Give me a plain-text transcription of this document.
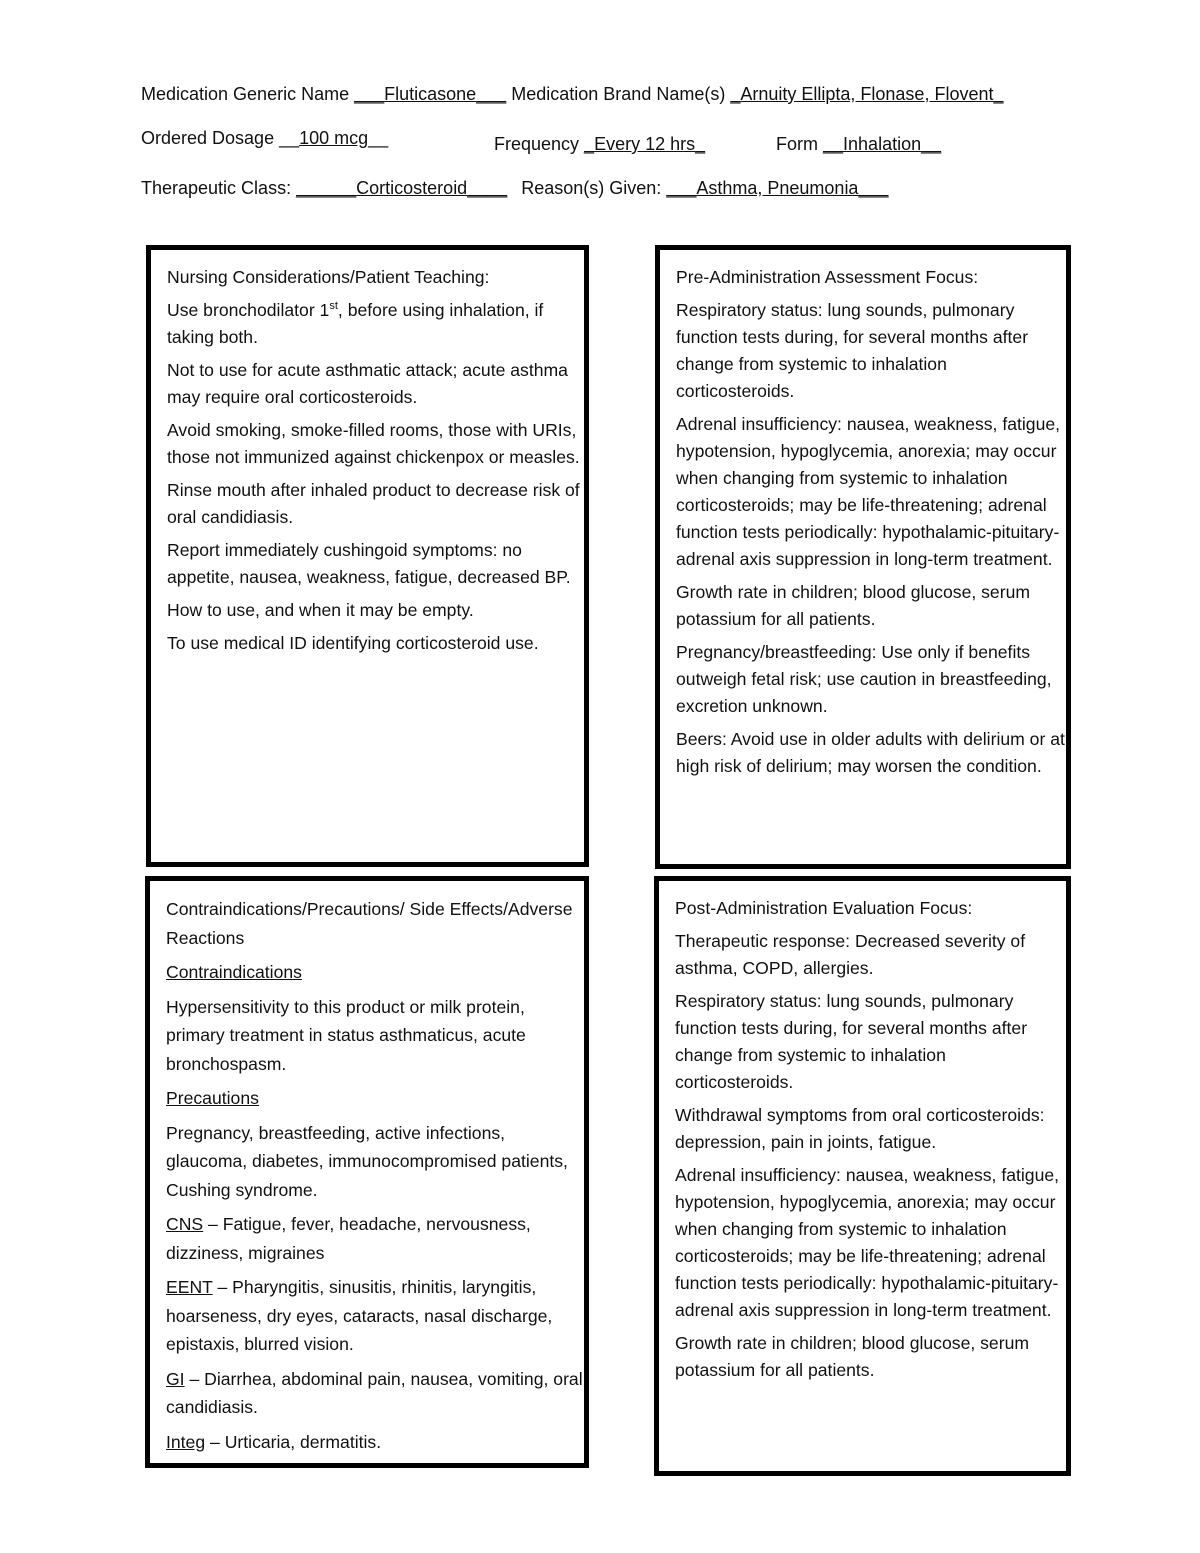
Medication Generic Name ___Fluticasone___ Medication Brand Name(s) _Arnuity Ellipta, Flonase, Flovent_
Ordered Dosage __100 mcg__	Frequency _Every 12 hrs_	Form __Inhalation__
Therapeutic Class: ______Corticosteroid____ Reason(s) Given: ___Asthma, Pneumonia___

Nursing Considerations/Patient Teaching:

Use bronchodilator 1st, before using inhalation, if taking both.

Not to use for acute asthmatic attack; acute asthma may require oral corticosteroids.

Avoid smoking, smoke-filled rooms, those with URIs, those not immunized against chickenpox or measles.

Rinse mouth after inhaled product to decrease risk of oral candidiasis.

Report immediately cushingoid symptoms: no appetite, nausea, weakness, fatigue, decreased BP.

How to use, and when it may be empty.

To use medical ID identifying corticosteroid use.

Pre-Administration Assessment Focus:

Respiratory status: lung sounds, pulmonary function tests during, for several months after change from systemic to inhalation corticosteroids.

Adrenal insufficiency: nausea, weakness, fatigue, hypotension, hypoglycemia, anorexia; may occur when changing from systemic to inhalation corticosteroids; may be life-threatening; adrenal function tests periodically: hypothalamic-pituitary-adrenal axis suppression in long-term treatment.

Growth rate in children; blood glucose, serum potassium for all patients.

Pregnancy/breastfeeding: Use only if benefits outweigh fetal risk; use caution in breastfeeding, excretion unknown.

Beers: Avoid use in older adults with delirium or at high risk of delirium; may worsen the condition.

Contraindications/Precautions/ Side Effects/Adverse Reactions

Contraindications

Hypersensitivity to this product or milk protein, primary treatment in status asthmaticus, acute bronchospasm.

Precautions

Pregnancy, breastfeeding, active infections, glaucoma, diabetes, immunocompromised patients, Cushing syndrome.

CNS – Fatigue, fever, headache, nervousness, dizziness, migraines

EENT – Pharyngitis, sinusitis, rhinitis, laryngitis, hoarseness, dry eyes, cataracts, nasal discharge, epistaxis, blurred vision.

GI – Diarrhea, abdominal pain, nausea, vomiting, oral candidiasis.

Integ – Urticaria, dermatitis.

Post-Administration Evaluation Focus:

Therapeutic response: Decreased severity of asthma, COPD, allergies.

Respiratory status: lung sounds, pulmonary function tests during, for several months after change from systemic to inhalation corticosteroids.

Withdrawal symptoms from oral corticosteroids: depression, pain in joints, fatigue.

Adrenal insufficiency: nausea, weakness, fatigue, hypotension, hypoglycemia, anorexia; may occur when changing from systemic to inhalation corticosteroids; may be life-threatening; adrenal function tests periodically: hypothalamic-pituitary-adrenal axis suppression in long-term treatment.

Growth rate in children; blood glucose, serum potassium for all patients.
